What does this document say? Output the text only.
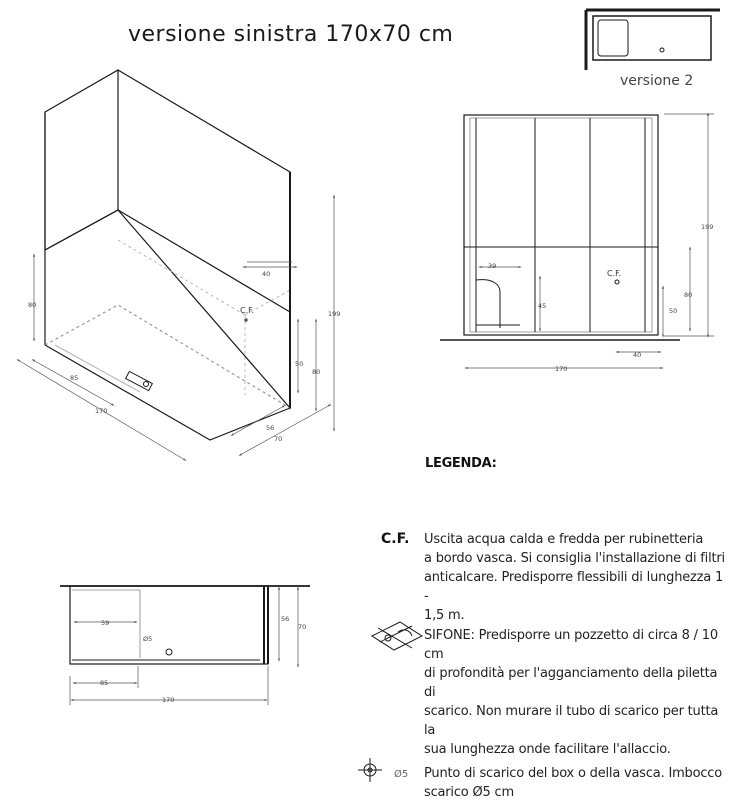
versione sinistra 170x70 cm
versione 2
80
85
170
40
50
80
199
56
70
C.F.
199
39
45
80
50
40
170
C.F.
59
Ø5
85
170
56
70
LEGENDA:
C.F. Uscita acqua calda e fredda per rubinetteria
a bordo vasca. Si consiglia l'installazione di filtri
anticalcare. Predisporre flessibili di lunghezza 1 -
1,5 m.
SIFONE: Predisporre un pozzetto di circa 8 / 10 cm
di profondità per l'agganciamento della piletta di
scarico. Non murare il tubo di scarico per tutta la
sua lunghezza onde facilitare l'allaccio.
Ø5 Punto di scarico del box o della vasca. Imbocco
scarico Ø5 cm
